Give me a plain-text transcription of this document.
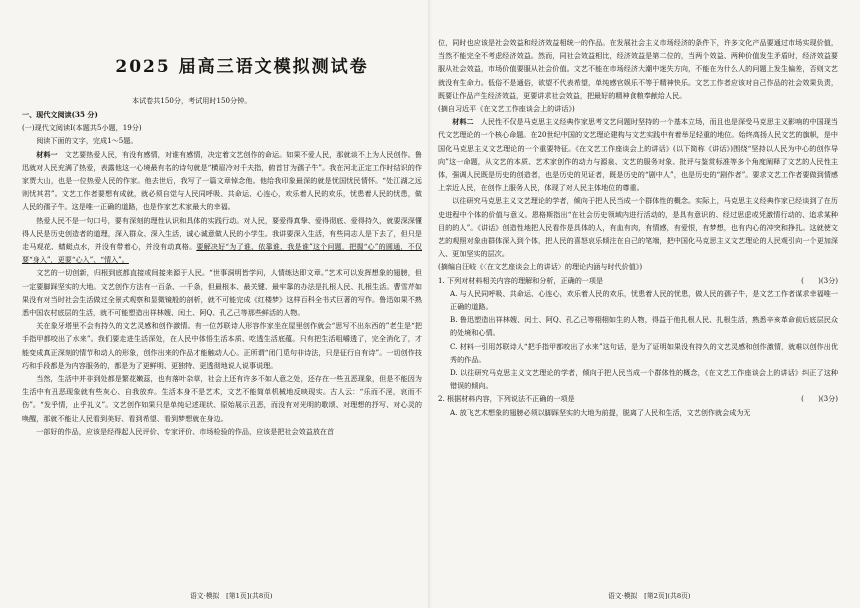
2025 届高三语文模拟测试卷

本试卷共150分，考试用时150分钟。

一、现代文阅读(35 分)

(一)现代文阅读Ⅰ(本题共5小题，19分)

阅读下面的文字，完成1～5题。

材料一　 文艺要热爱人民，有没有感情，对谁有感情，决定着文艺创作的命运。如果不爱人民，那就谈不上为人民创作。鲁迅就对人民充满了热爱，表露他这一心境最有名的诗句就是“横眉冷对千夫指，俯首甘为孺子牛”。我在河北正定工作时结识的作家贾大山，也是一位热爱人民的作家。他去世后，我写了一篇文章悼念他。他给我印象最深的就是忧国忧民情怀。“处江湖之远则忧其君”。文艺工作者要想有成就，就必须自觉与人民同呼吸、共命运、心连心，欢乐着人民的欢乐，忧患着人民的忧患，做人民的孺子牛。这是唯一正确的道路，也是作家艺术家最大的幸福。

热爱人民不是一句口号，要有深刻的理性认识和具体的实践行动。对人民，要爱得真挚、爱得彻底、爱得持久，就要深深懂得人民是历史创造者的道理，深入群众、深入生活，诚心诚意做人民的小学生。我讲要深入生活，有些同志人是下去了，但只是走马观花、蜻蜓点水，并没有带着心，并没有动真格。要解决好“为了谁、依靠谁、我是谁”这个问题，把握“心”的圆通，不仅要“身入”，更要“心入”、“情入”。

文艺的一切创新，归根到底都直接或间接来源于人民。“世事洞明皆学问，人情练达即文章。”艺术可以发挥想象的翅膀，但一定要脚踩坚实的大地。文艺创作方法有一百条、一千条，但最根本、最关键、最牢靠的办法是扎根人民、扎根生活。曹雪芹如果没有对当时社会生活做过全景式观察和显微镜般的剖析，就不可能完成《红楼梦》这样百科全书式巨著的写作。鲁迅如果不熟悉中国农村底层的生活，就不可能塑造出祥林嫂、闰土、阿Q、孔乙己等那些鲜活的人物。

关在象牙塔里不会有持久的文艺灵感和创作激情。有一位苏联诗人形容作家坐在屋里创作就会“思写不出东西的”老生是“把手指甲都咬出了水来”。我们要走进生活深处，在人民中体悟生活本质、吃透生活底蕴。只有把生活咀嚼透了，完全消化了，才能变成真正深刻的情节和动人的形象，创作出来的作品才能触动人心。正所谓“闭门觅句非诗法，只是征行自有诗”。一切创作技巧和手段都是为内容服务的，都是为了更鲜明、更独特、更透彻地说人说事说理。

当然，生活中并非到处都是繁花嫩蕊，也有落叶杂草，社会上还有许多不如人意之处，还存在一些丑恶现象，但是不能因为生活中有丑恶现象就有些灰心、自我放弃。生活本身不是艺术，文艺不能简单机械地反映现实。古人云：“乐而不淫，哀而不伤”。“发乎情，止乎礼义”。文艺创作如果只是单纯记述现状、原始展示丑恶，而没有对光明的歌颂、对理想的抒写、对心灵的唤醒，那就不能让人民看到美好、看到希望、看到梦想就在身边。

一部好的作品，应该是经得起人民评价、专家评价、市场检验的作品，应该是把社会效益放在首

位，同时也应该是社会效益和经济效益相统一的作品。在发展社会主义市场经济的条件下，许多文化产品要通过市场实现价值，当然不能完全不考虑经济效益。然而，同社会效益相比，经济效益是第二位的，当两个效益、两种价值发生矛盾时，经济效益要服从社会效益，市场价值要服从社会价值。文艺不能在市场经济大潮中迷失方向，不能在为什么人的问题上发生偏差，否则文艺就没有生命力。低俗不是通俗，欲望不代表希望，单纯感官娱乐不等于精神快乐。文艺工作者应该对自己作品的社会效果负责，既要让作品产生经济效益，更要讲求社会效益，把最好的精神食粮奉献给人民。

(摘自习近平《在文艺工作座谈会上的讲话》)

材料二　 人民性不仅是马克思主义经典作家思考文艺问题时坚持的一个基本立场，而且也是深受马克思主义影响的中国现当代文艺理论的一个核心命题。在20世纪中国的文艺理论建构与文艺实践中有着举足轻重的地位。始终高扬人民文艺的旗帜，是中国化马克思主义文艺理论的一个重要特征。《在文艺工作座谈会上的讲话》(以下简称《讲话》)围绕“坚持以人民为中心的创作导向”这一命题，从文艺的本质、艺术家创作的动力与源泉、文艺的服务对象、批评与鉴赏标准等多个角度阐释了文艺的人民性主体，强调人民既是历史的创造者，也是历史的见证者，既是历史的“剧中人”，也是历史的“剧作者”。要求文艺工作者要做到情感上亲近人民，在创作上服务人民，体现了对人民主体地位的尊重。

以往研究马克思主义文艺理论的学者，倾向于把人民当成一个群体性的概念。实际上，马克思主义经典作家已经谈到了在历史进程中个体的价值与意义。恩格斯指出“在社会历史领域内进行活动的，是具有意识的、经过思虑或凭激情行动的、追求某种目的的人”。《讲话》创造性地把人民看作是具体的人，有血有肉，有情感，有爱恨，有梦想，也有内心的冲突和挣扎。这就使文艺的观照对象由群体深入到个体，把人民的喜怒哀乐倾注在自己的笔端，把中国化马克思主义文艺理论的人民观引向一个更加深入、更加坚实的层次。

(摘编自汪岐《〈在文艺座谈会上的讲话〉的理论内涵与时代价值》)

1. 下列对材料相关内容的理解和分析，正确的一项是	(　　)(3分)

A. 与人民同呼吸、共命运、心连心，欢乐着人民的欢乐，忧患着人民的忧患，做人民的孺子牛，是文艺工作者谋求幸福唯一正确的道路。

B. 鲁迅塑造出祥林嫂、闰土、阿Q、孔乙己等栩栩如生的人物，得益于他扎根人民、扎根生活，熟悉辛亥革命前后底层民众的处境和心情。

C. 材料一引用苏联诗人“把手指甲都咬出了水来”这句话，是为了证明如果没有持久的文艺灵感和创作激情，就难以创作出优秀的作品。

D. 以往研究马克思主义文艺理论的学者，倾向于把人民当成一个群体性的概念，《在文艺工作座谈会上的讲话》纠正了这种错误的倾向。

2. 根据材料内容，下列说法不正确的一项是	(　　)(3分)

A. 放飞艺术想象的翅膀必须以脚踩坚实的大地为前提，脱离了人民和生活，文艺创作就会成为无

语文·模拟　[第1页](共8页)	语文·模拟　[第2页](共8页)
